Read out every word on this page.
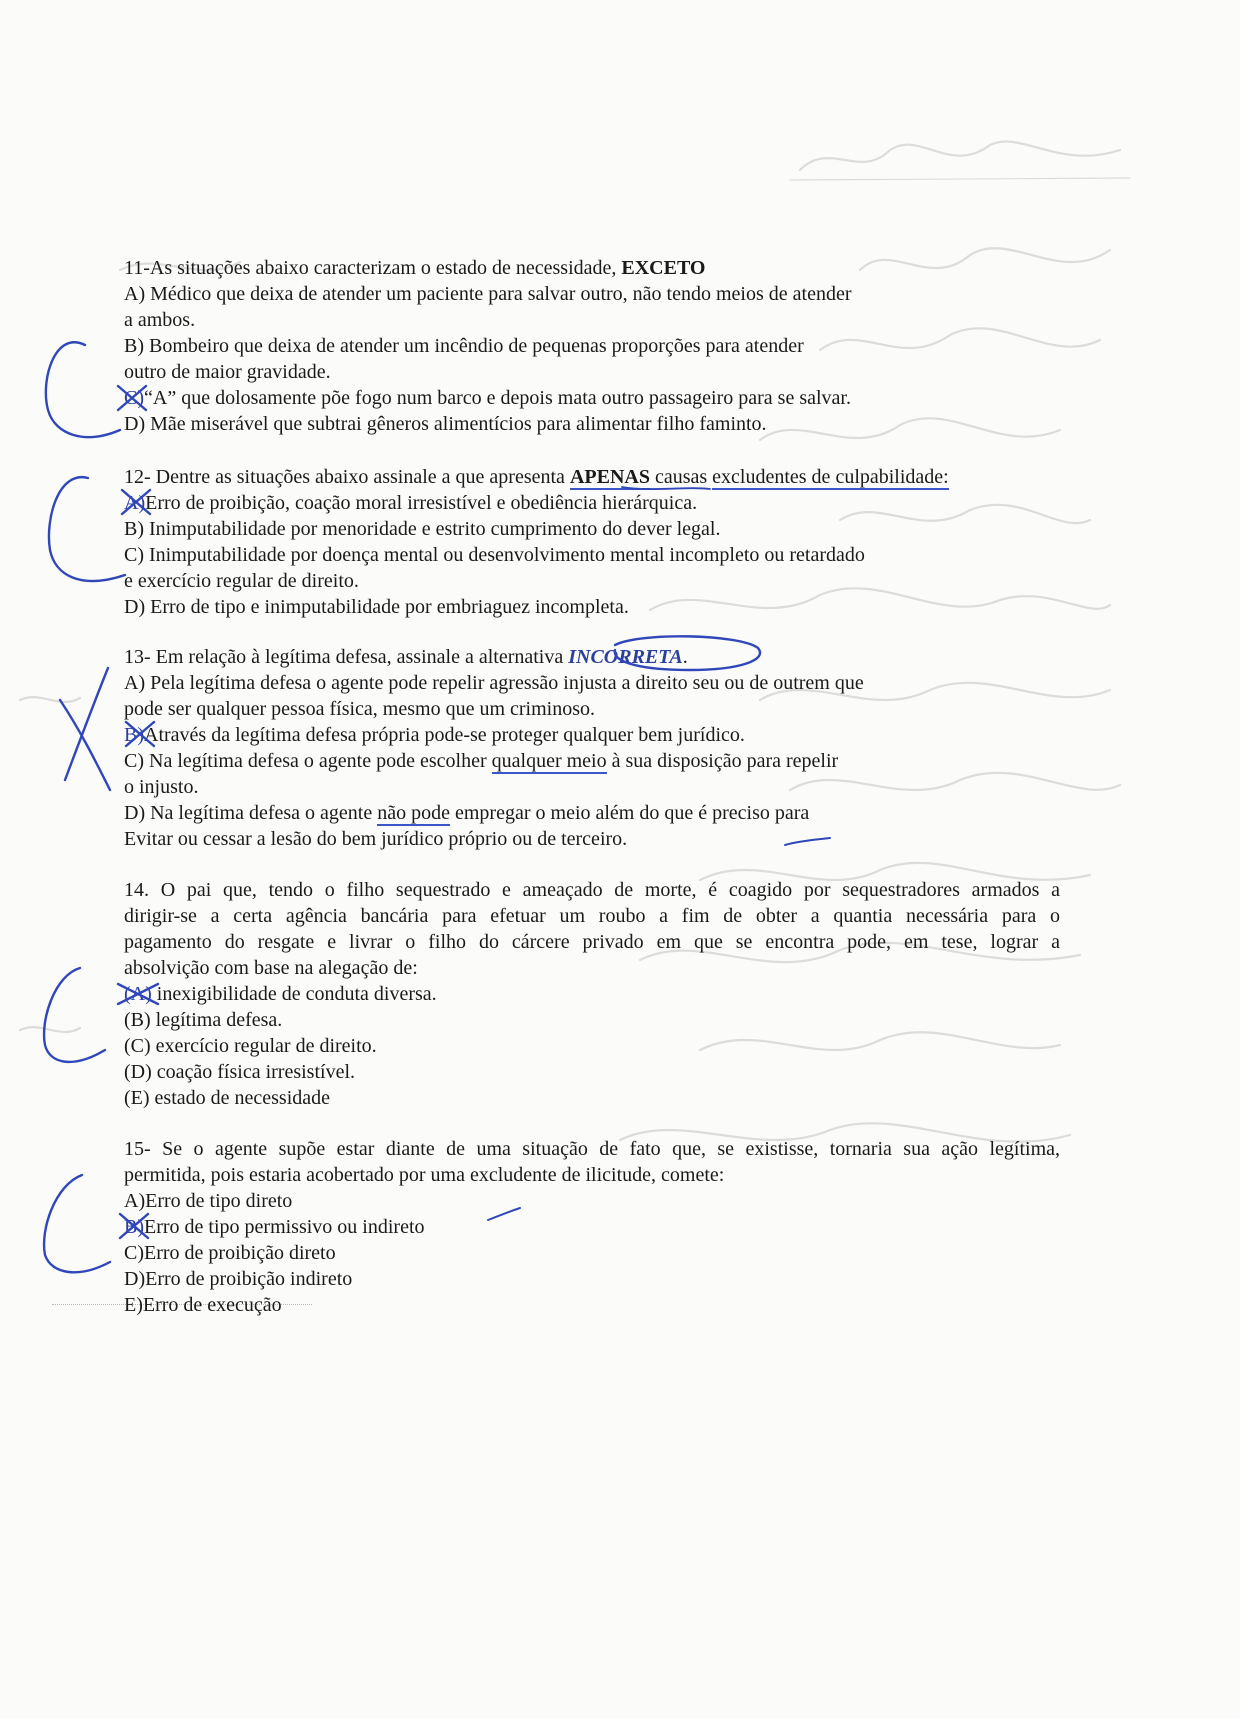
11-As situações abaixo caracterizam o estado de necessidade, EXCETO

A) Médico que deixa de atender um paciente para salvar outro, não tendo meios de atender

a ambos.

B) Bombeiro que deixa de atender um incêndio de pequenas proporções para atender

outro de maior gravidade.

C)“A” que dolosamente põe fogo num barco e depois mata outro passageiro para se salvar.

D) Mãe miserável que subtrai gêneros alimentícios para alimentar filho faminto.

12- Dentre as situações abaixo assinale a que apresenta APENAS causas excludentes de culpabilidade:

A)Erro de proibição, coação moral irresistível e obediência hierárquica.

B) Inimputabilidade por menoridade e estrito cumprimento do dever legal.

C) Inimputabilidade por doença mental ou desenvolvimento mental incompleto ou retardado

e exercício regular de direito.

D) Erro de tipo e inimputabilidade por embriaguez incompleta.

13- Em relação à legítima defesa, assinale a alternativa INCORRETA.

A) Pela legítima defesa o agente pode repelir agressão injusta a direito seu ou de outrem que

pode ser qualquer pessoa física, mesmo que um criminoso.

B)Através da legítima defesa própria pode-se proteger qualquer bem jurídico.

C) Na legítima defesa o agente pode escolher qualquer meio à sua disposição para repelir

o injusto.

D) Na legítima defesa o agente não pode empregar o meio além do que é preciso para

Evitar ou cessar a lesão do bem jurídico próprio ou de terceiro.

14. O pai que, tendo o filho sequestrado e ameaçado de morte, é coagido por sequestradores armados a

dirigir-se a certa agência bancária para efetuar um roubo a fim de obter a quantia necessária para o

pagamento do resgate e livrar o filho do cárcere privado em que se encontra pode, em tese, lograr a

absolvição com base na alegação de:

(A) inexigibilidade de conduta diversa.

(B) legítima defesa.

(C) exercício regular de direito.

(D) coação física irresistível.

(E) estado de necessidade

15- Se o agente supõe estar diante de uma situação de fato que, se existisse, tornaria sua ação legítima,

permitida, pois estaria acobertado por uma excludente de ilicitude, comete:

A)Erro de tipo direto

B)Erro de tipo permissivo ou indireto

C)Erro de proibição direto

D)Erro de proibição indireto

E)Erro de execução
